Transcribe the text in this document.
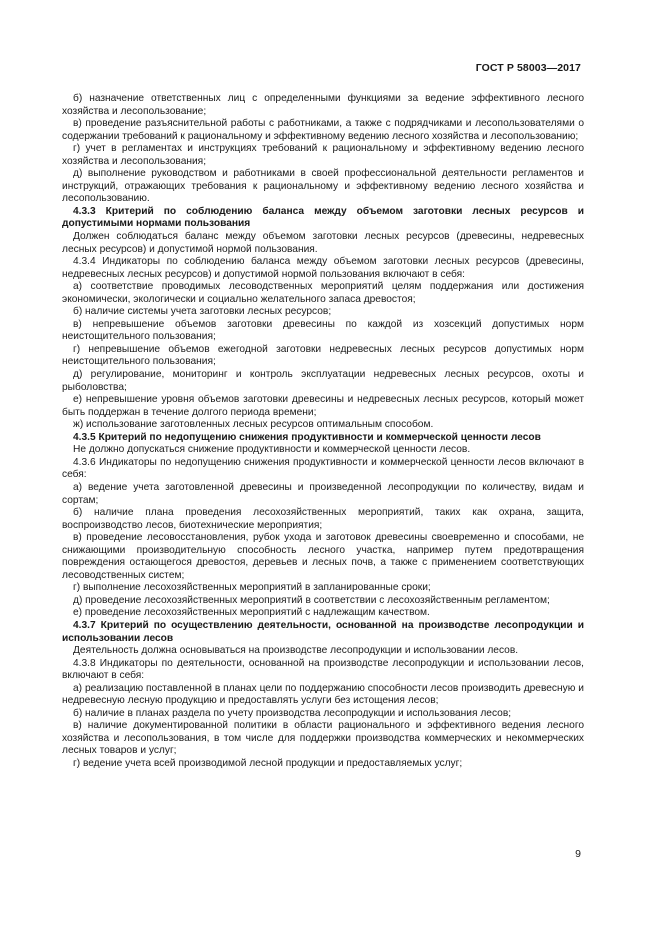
ГОСТ Р 58003—2017

б) назначение ответственных лиц с определенными функциями за ведение эффективного лесного хозяйства и лесопользование;

в) проведение разъяснительной работы с работниками, а также с подрядчиками и лесопользователями о содержании требований к рациональному и эффективному ведению лесного хозяйства и лесопользованию;

г) учет в регламентах и инструкциях требований к рациональному и эффективному ведению лесного хозяйства и лесопользования;

д) выполнение руководством и работниками в своей профессиональной деятельности регламентов и инструкций, отражающих требования к рациональному и эффективному ведению лесного хозяйства и лесопользованию.

4.3.3 Критерий по соблюдению баланса между объемом заготовки лесных ресурсов и допустимыми нормами пользования

Должен соблюдаться баланс между объемом заготовки лесных ресурсов (древесины, недревесных лесных ресурсов) и допустимой нормой пользования.

4.3.4 Индикаторы по соблюдению баланса между объемом заготовки лесных ресурсов (древесины, недревесных лесных ресурсов) и допустимой нормой пользования включают в себя:

а) соответствие проводимых лесоводственных мероприятий целям поддержания или достижения экономически, экологически и социально желательного запаса древостоя;

б) наличие системы учета заготовки лесных ресурсов;

в) непревышение объемов заготовки древесины по каждой из хозсекций допустимых норм неистощительного пользования;

г) непревышение объемов ежегодной заготовки недревесных лесных ресурсов допустимых норм неистощительного пользования;

д) регулирование, мониторинг и контроль эксплуатации недревесных лесных ресурсов, охоты и рыболовства;

е) непревышение уровня объемов заготовки древесины и недревесных лесных ресурсов, который может быть поддержан в течение долгого периода времени;

ж) использование заготовленных лесных ресурсов оптимальным способом.

4.3.5 Критерий по недопущению снижения продуктивности и коммерческой ценности лесов

Не должно допускаться снижение продуктивности и коммерческой ценности лесов.

4.3.6 Индикаторы по недопущению снижения продуктивности и коммерческой ценности лесов включают в себя:

а) ведение учета заготовленной древесины и произведенной лесопродукции по количеству, видам и сортам;

б) наличие плана проведения лесохозяйственных мероприятий, таких как охрана, защита, воспроизводство лесов, биотехнические мероприятия;

в) проведение лесовосстановления, рубок ухода и заготовок древесины своевременно и способами, не снижающими производительную способность лесного участка, например путем предотвращения повреждения остающегося древостоя, деревьев и лесных почв, а также с применением соответствующих лесоводственных систем;

г) выполнение лесохозяйственных мероприятий в запланированные сроки;

д) проведение лесохозяйственных мероприятий в соответствии с лесохозяйственным регламентом;

е) проведение лесохозяйственных мероприятий с надлежащим качеством.

4.3.7 Критерий по осуществлению деятельности, основанной на производстве лесопродукции и использовании лесов

Деятельность должна основываться на производстве лесопродукции и использовании лесов.

4.3.8 Индикаторы по деятельности, основанной на производстве лесопродукции и использовании лесов, включают в себя:

а) реализацию поставленной в планах цели по поддержанию способности лесов производить древесную и недревесную лесную продукцию и предоставлять услуги без истощения лесов;

б) наличие в планах раздела по учету производства лесопродукции и использования лесов;

в) наличие документированной политики в области рационального и эффективного ведения лесного хозяйства и лесопользования, в том числе для поддержки производства коммерческих и некоммерческих лесных товаров и услуг;

г) ведение учета всей производимой лесной продукции и предоставляемых услуг;

9
